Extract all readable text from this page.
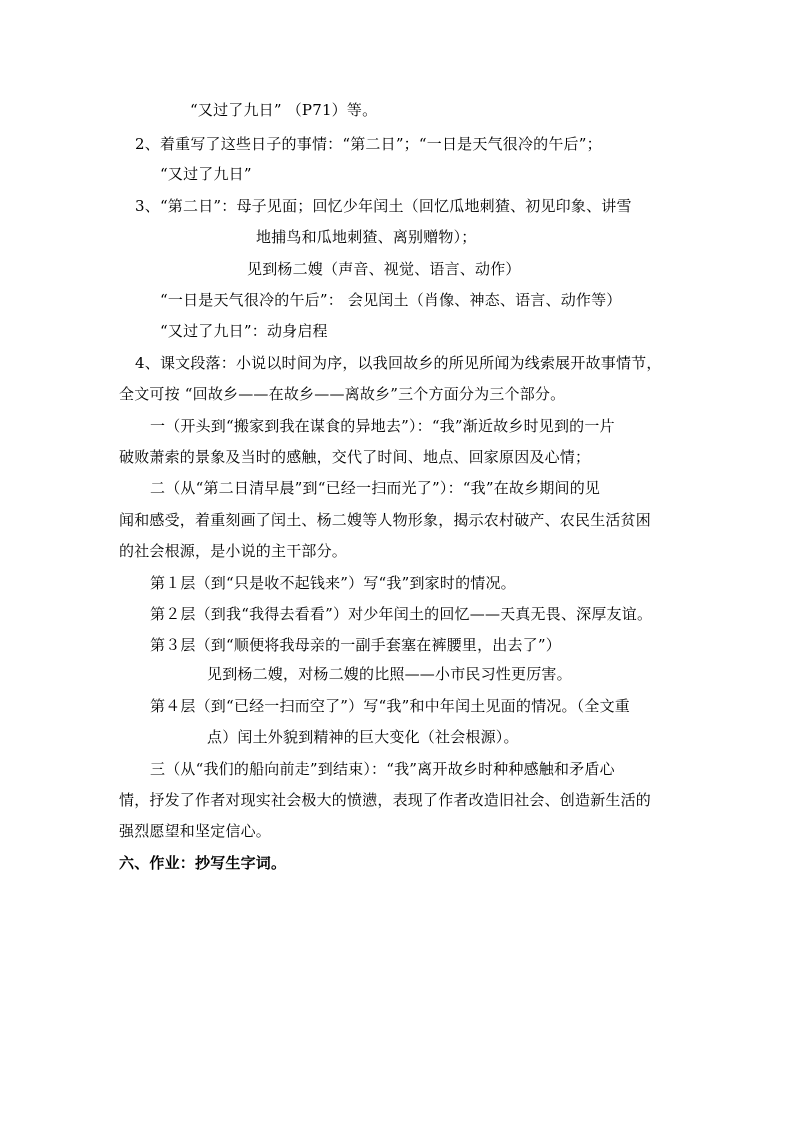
“又过了九日” （P71）等。
2、着重写了这些日子的事情：“第二日”；“一日是天气很冷的午后”；
“又过了九日”
3、“第二日”：母子见面；回忆少年闰土（回忆瓜地刺猹、初见印象、讲雪
地捕鸟和瓜地刺猹、离别赠物）；
见到杨二嫂（声音、视觉、语言、动作）
“一日是天气很冷的午后”： 会见闰土（肖像、神态、语言、动作等）
“又过了九日”：动身启程
4、课文段落：小说以时间为序，以我回故乡的所见所闻为线索展开故事情节，
全文可按 “回故乡——在故乡——离故乡”三个方面分为三个部分。
一（开头到“搬家到我在谋食的异地去”）：“我”渐近故乡时见到的一片
破败萧索的景象及当时的感触，交代了时间、地点、回家原因及心情；
二（从“第二日清早晨”到“已经一扫而光了”）：“我”在故乡期间的见
闻和感受，着重刻画了闰土、杨二嫂等人物形象，揭示农村破产、农民生活贫困
的社会根源，是小说的主干部分。
第１层（到“只是收不起钱来”）写“我”到家时的情况。
第２层（到我“我得去看看”）对少年闰土的回忆——天真无畏、深厚友谊。
第３层（到“顺便将我母亲的一副手套塞在裤腰里，出去了”）
见到杨二嫂，对杨二嫂的比照——小市民习性更厉害。
第４层（到“已经一扫而空了”）写“我”和中年闰土见面的情况。（全文重
点）闰土外貌到精神的巨大变化（社会根源）。
三（从“我们的船向前走”到结束）：“我”离开故乡时种种感触和矛盾心
情，抒发了作者对现实社会极大的愤懑，表现了作者改造旧社会、创造新生活的
强烈愿望和坚定信心。
六、作业：抄写生字词。
